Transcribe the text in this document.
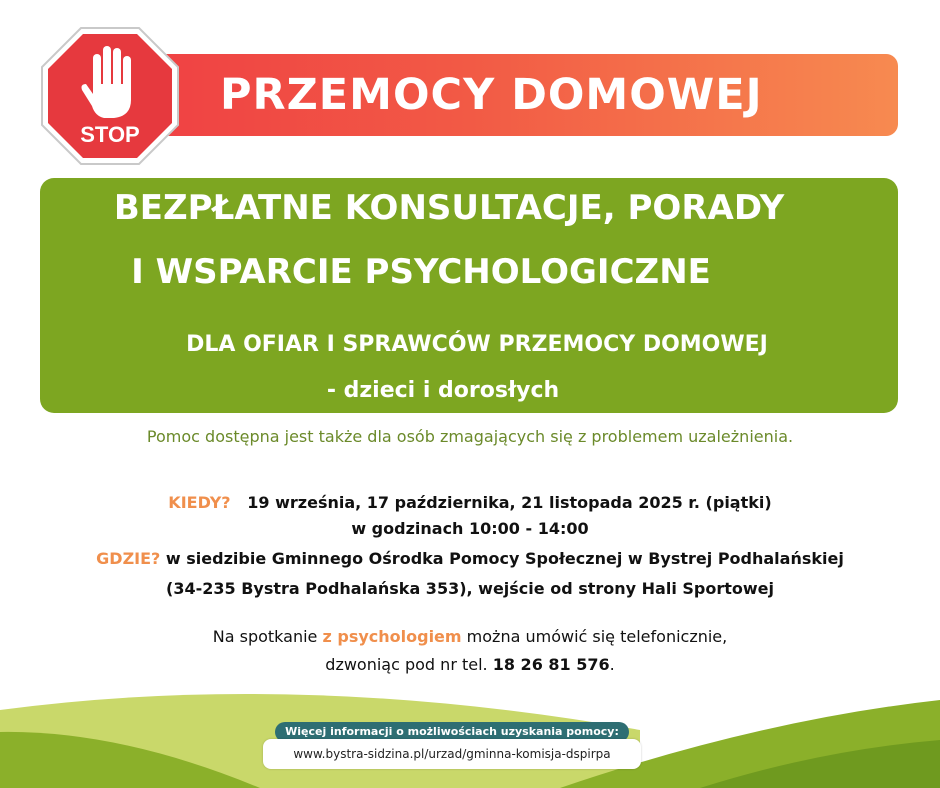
PRZEMOCY DOMOWEJ
STOP
BEZPŁATNE KONSULTACJE, PORADY
I WSPARCIE PSYCHOLOGICZNE
DLA OFIAR I SPRAWCÓW PRZEMOCY DOMOWEJ
- dzieci i dorosłych
Pomoc dostępna jest także dla osób zmagających się z problemem uzależnienia.
KIEDY? 19 września, 17 października, 21 listopada 2025 r. (piątki)
w godzinach 10:00 - 14:00
GDZIE? w siedzibie Gminnego Ośrodka Pomocy Społecznej w Bystrej Podhalańskiej
(34-235 Bystra Podhalańska 353), wejście od strony Hali Sportowej
Na spotkanie z psychologiem można umówić się telefonicznie,
dzwoniąc pod nr tel. 18 26 81 576.
Więcej informacji o możliwościach uzyskania pomocy:
www.bystra-sidzina.pl/urzad/gminna-komisja-dspirpa
